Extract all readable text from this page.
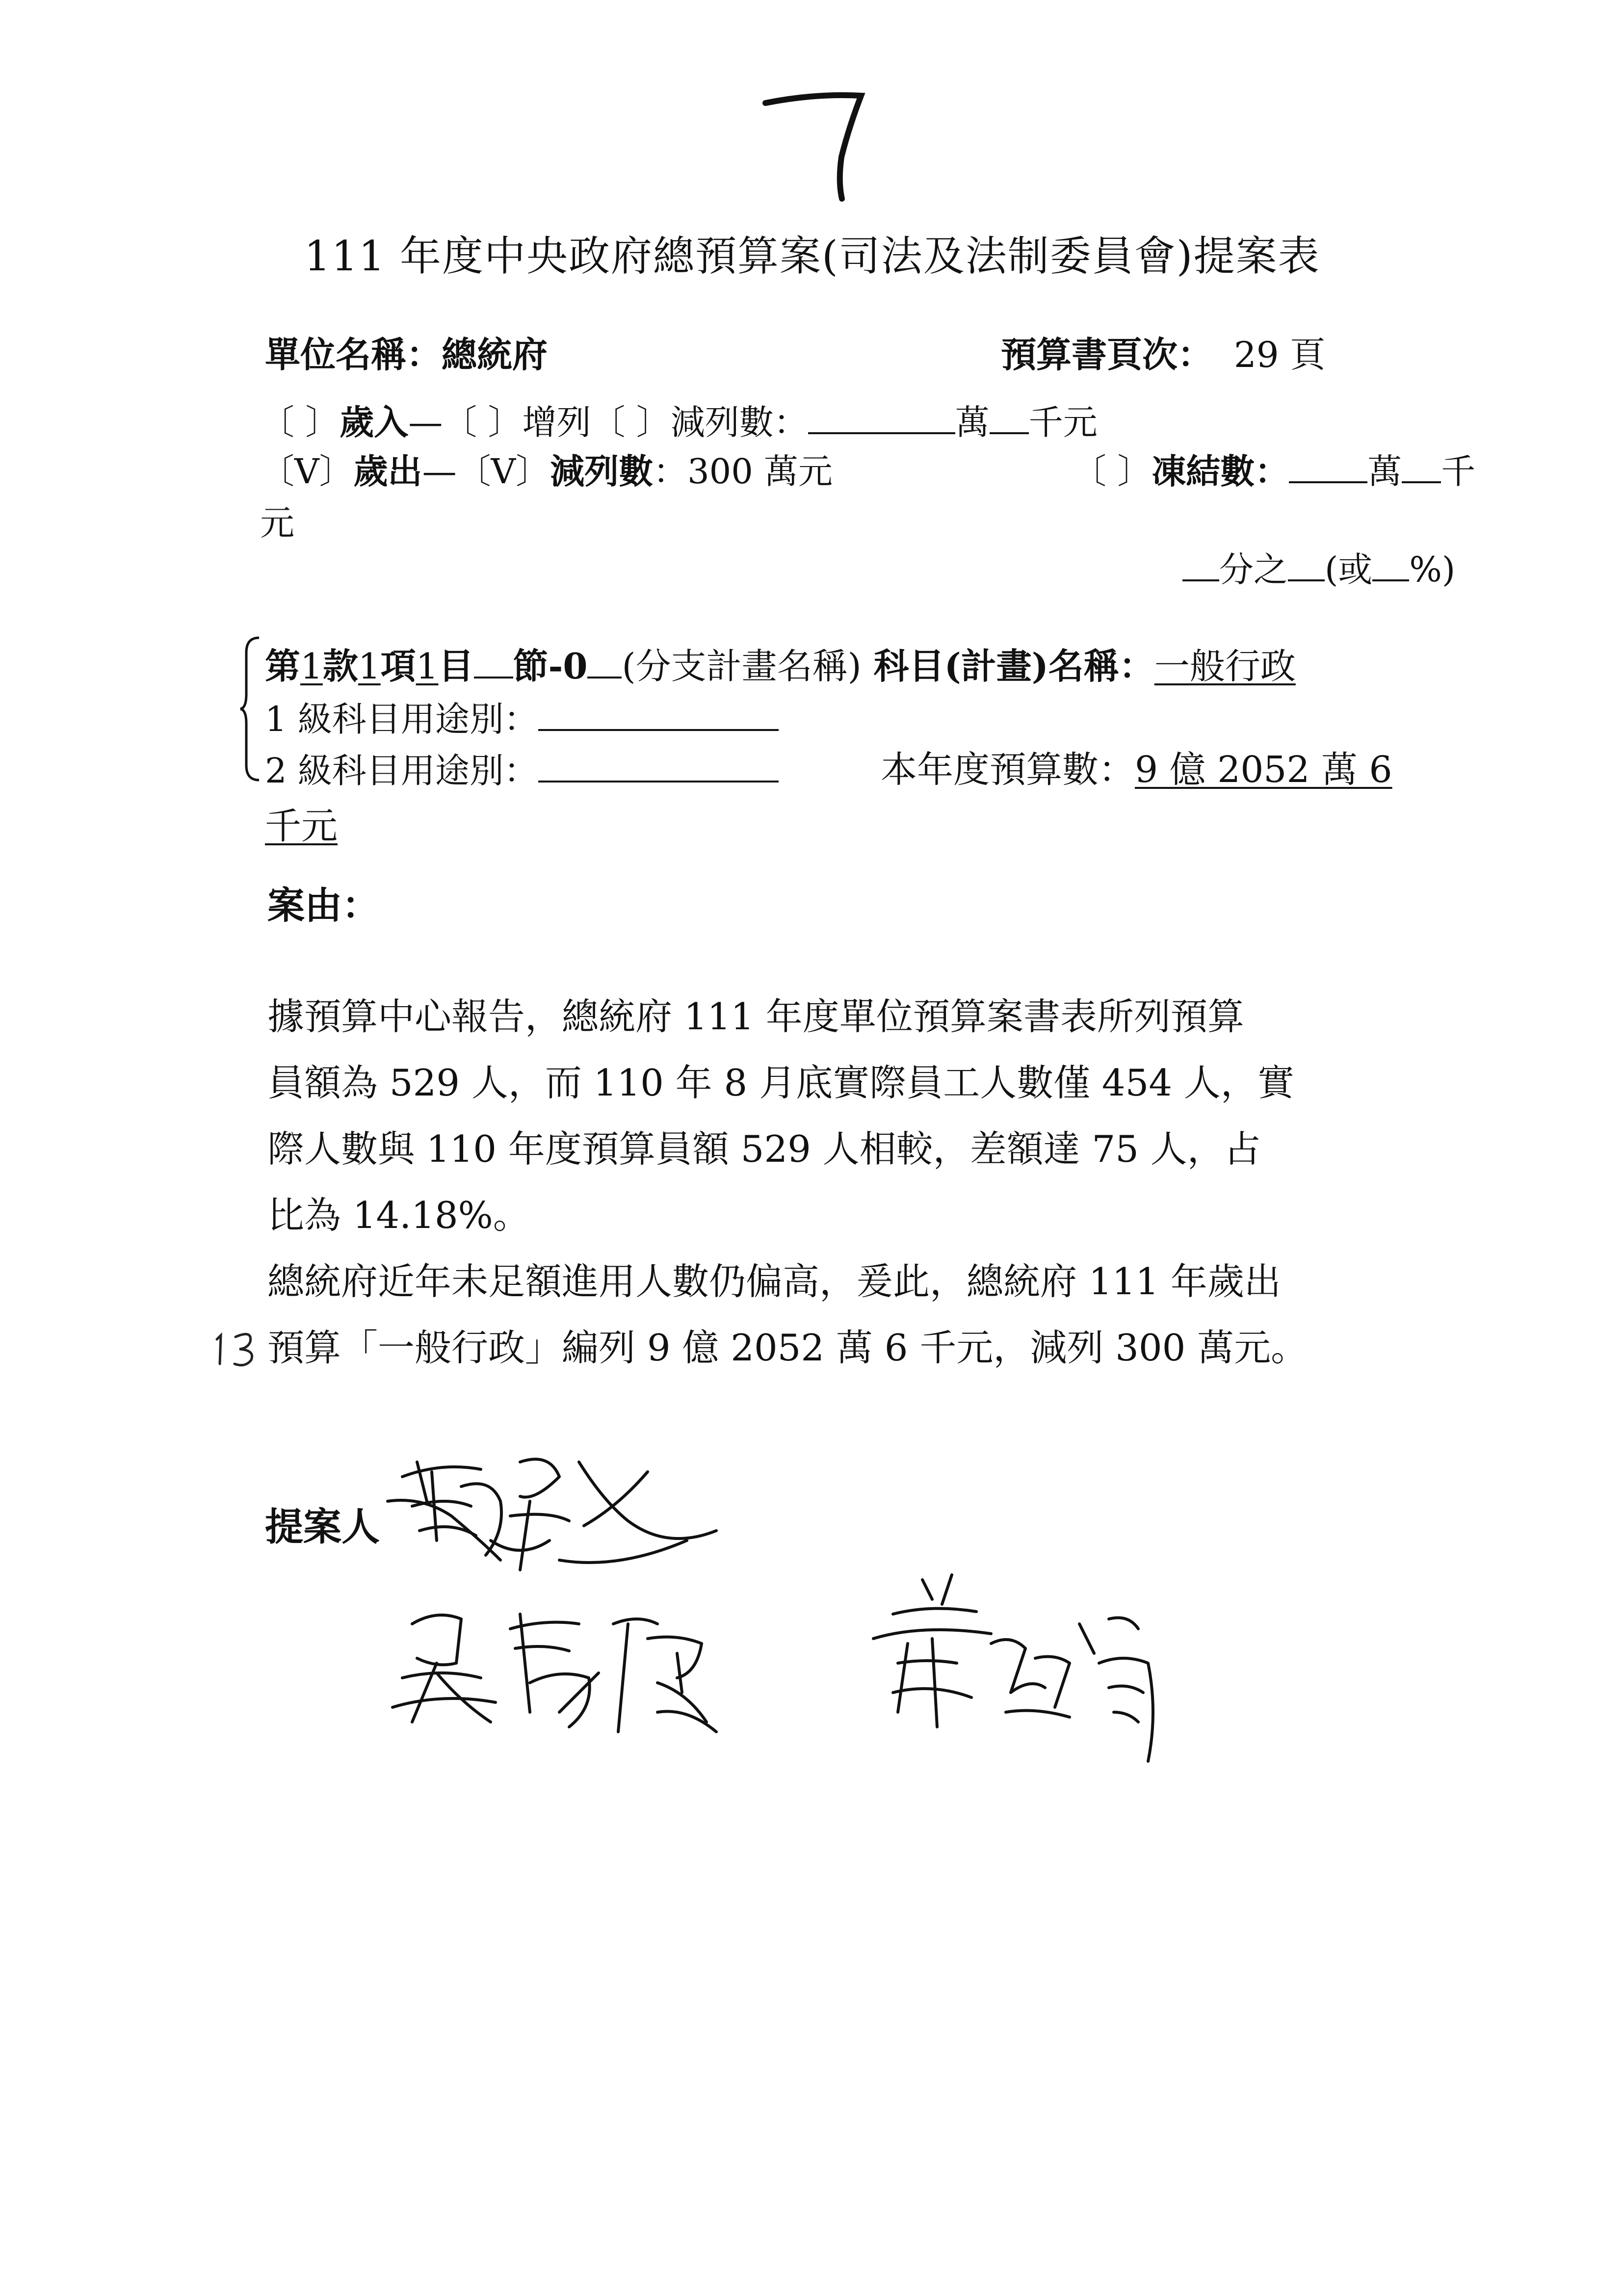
111 年度中央政府總預算案(司法及法制委員會)提案表
單位名稱：總統府	預算書頁次： 29 頁
〔 〕歲入—〔 〕增列〔 〕減列數：	萬 千元
〔V〕歲出—〔V〕減列數：300 萬元	〔 〕凍結數： 萬 千
元
分之 (或 %)
第1款1項1目 節-0 (分支計畫名稱) 科目(計畫)名稱：一般行政
1 級科目用途別：
2 級科目用途別：	本年度預算數：9 億 2052 萬 6
千元
案由：
據預算中心報告，總統府 111 年度單位預算案書表所列預算
員額為 529 人，而 110 年 8 月底實際員工人數僅 454 人，實
際人數與 110 年度預算員額 529 人相較，差額達 75 人，占
比為 14.18%。
總統府近年未足額進用人數仍偏高，爰此，總統府 111 年歲出
預算「一般行政」編列 9 億 2052 萬 6 千元，減列 300 萬元。
提案人
